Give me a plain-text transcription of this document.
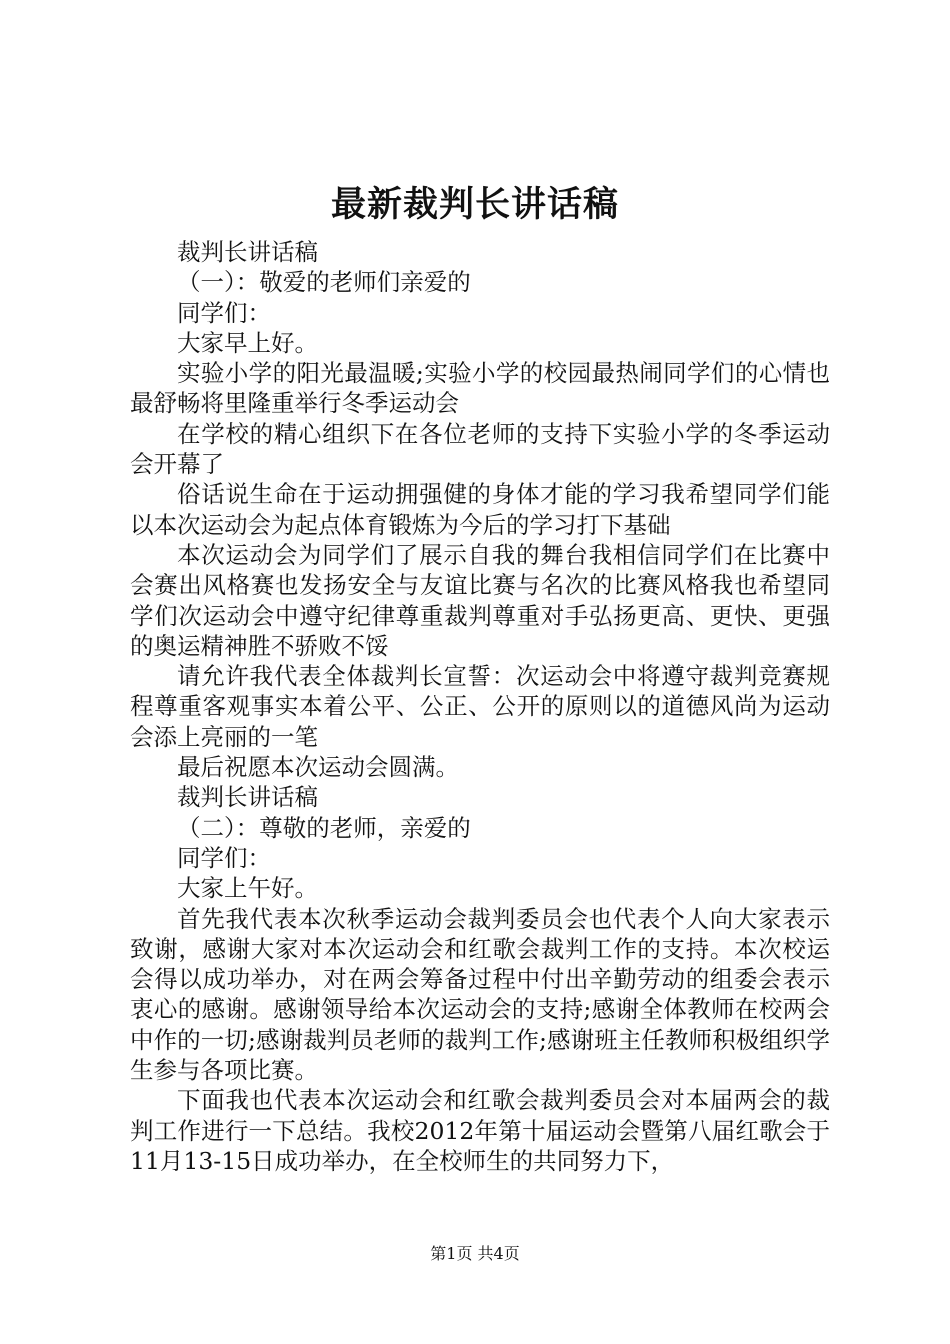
最新裁判长讲话稿

裁判长讲话稿

（一）：敬爱的老师们亲爱的

同学们：

大家早上好。

实验小学的阳光最温暖;实验小学的校园最热闹同学们的心情也最舒畅将里隆重举行冬季运动会

在学校的精心组织下在各位老师的支持下实验小学的冬季运动会开幕了

俗话说生命在于运动拥强健的身体才能的学习我希望同学们能以本次运动会为起点体育锻炼为今后的学习打下基础

本次运动会为同学们了展示自我的舞台我相信同学们在比赛中会赛出风格赛也发扬安全与友谊比赛与名次的比赛风格我也希望同学们次运动会中遵守纪律尊重裁判尊重对手弘扬更高、更快、更强的奥运精神胜不骄败不馁

请允许我代表全体裁判长宣誓：次运动会中将遵守裁判竞赛规程尊重客观事实本着公平、公正、公开的原则以的道德风尚为运动会添上亮丽的一笔

最后祝愿本次运动会圆满。

裁判长讲话稿

（二）：尊敬的老师，亲爱的

同学们：

大家上午好。

首先我代表本次秋季运动会裁判委员会也代表个人向大家表示致谢，感谢大家对本次运动会和红歌会裁判工作的支持。本次校运会得以成功举办，对在两会筹备过程中付出辛勤劳动的组委会表示衷心的感谢。感谢领导给本次运动会的支持;感谢全体教师在校两会中作的一切;感谢裁判员老师的裁判工作;感谢班主任教师积极组织学生参与各项比赛。

下面我也代表本次运动会和红歌会裁判委员会对本届两会的裁判工作进行一下总结。我校2012年第十届运动会暨第八届红歌会于11月13-15日成功举办，在全校师生的共同努力下，

第1页 共4页
